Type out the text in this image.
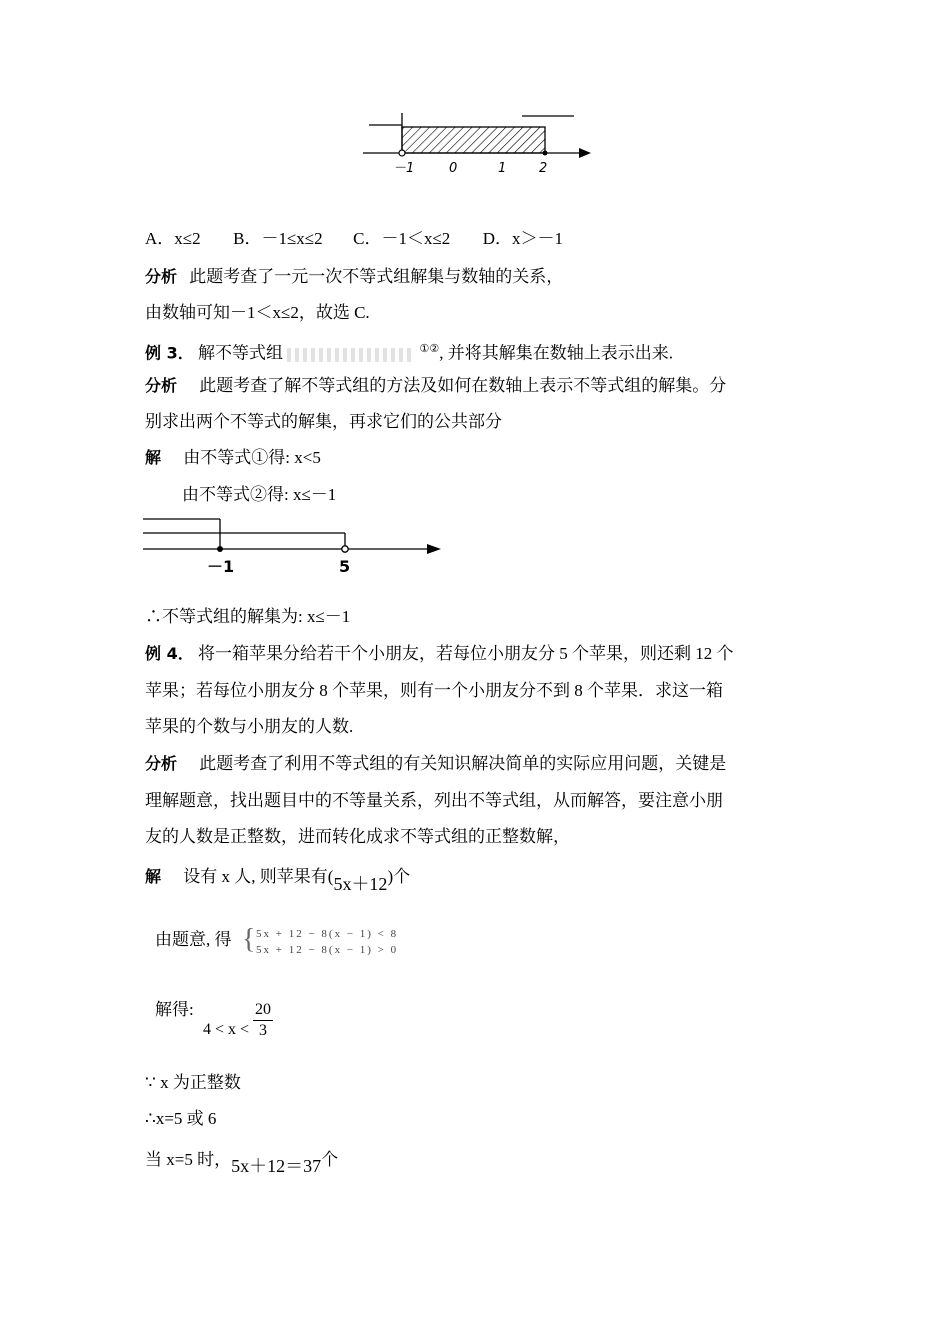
－1	0	1	2
A．x≤2 B．－1≤x≤2 C．－1＜x≤2 D．x＞－1
分析 此题考查了一元一次不等式组解集与数轴的关系，
由数轴可知－1＜x≤2，故选 C.
例 3． 解不等式组	①②, 并将其解集在数轴上表示出来.
分析 此题考查了解不等式组的方法及如何在数轴上表示不等式组的解集。分
别求出两个不等式的解集，再求它们的公共部分
解 由不等式①得: x<5
由不等式②得: x≤－1
－1	5
∴不等式组的解集为: x≤－1
例 4． 将一箱苹果分给若干个小朋友，若每位小朋友分 5 个苹果，则还剩 12 个
苹果；若每位小朋友分 8 个苹果，则有一个小朋友分不到 8 个苹果．求这一箱
苹果的个数与小朋友的人数.
分析 此题考查了利用不等式组的有关知识解决简单的实际应用问题，关键是
理解题意，找出题目中的不等量关系，列出不等式组，从而解答，要注意小朋
友的人数是正整数，进而转化成求不等式组的正整数解，
解 设有 x 人, 则苹果有(5x＋12)个
由题意, 得 { 5x + 12 − 8(x − 1) < 8
5x + 12 − 8(x − 1) > 0
解得:
$4 < x < \frac{20}{3}$
∵ x 为正整数
∴x=5 或 6
当 x=5 时，5x＋12＝37个
